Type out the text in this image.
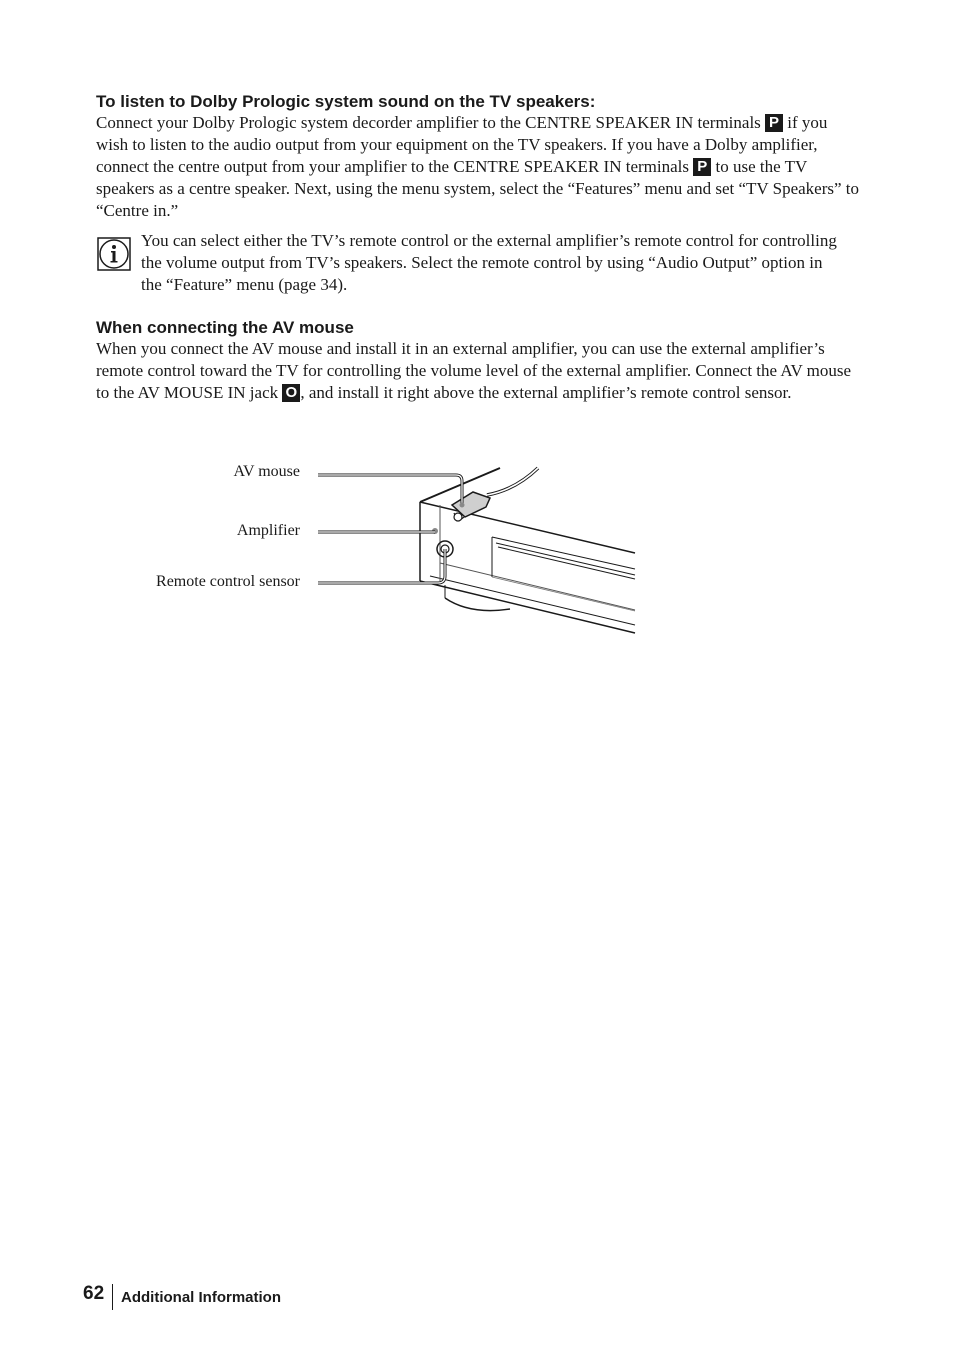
To listen to Dolby Prologic system sound on the TV speakers:

Connect your Dolby Prologic system decorder amplifier to the CENTRE SPEAKER IN terminals P if you wish to listen to the audio output from your equipment on the TV speakers. If you have a Dolby amplifier, connect the centre output from your amplifier to the CENTRE SPEAKER IN terminals P to use the TV speakers as a centre speaker. Next, using the menu system, select the “Features” menu and set “TV Speakers” to “Centre in.”

You can select either the TV’s remote control or the external amplifier’s remote control for controlling the volume output from TV’s speakers. Select the remote control by using “Audio Output” option in the “Feature” menu (page 34).

When connecting the AV mouse

When you connect the AV mouse and install it in an external amplifier, you can use the external amplifier’s remote control toward the TV for controlling the volume level of the external amplifier. Connect the AV mouse to the AV MOUSE IN jack O , and install it right above the external amplifier’s remote control sensor.

AV mouse
Amplifier
Remote control sensor
62 Additional Information
